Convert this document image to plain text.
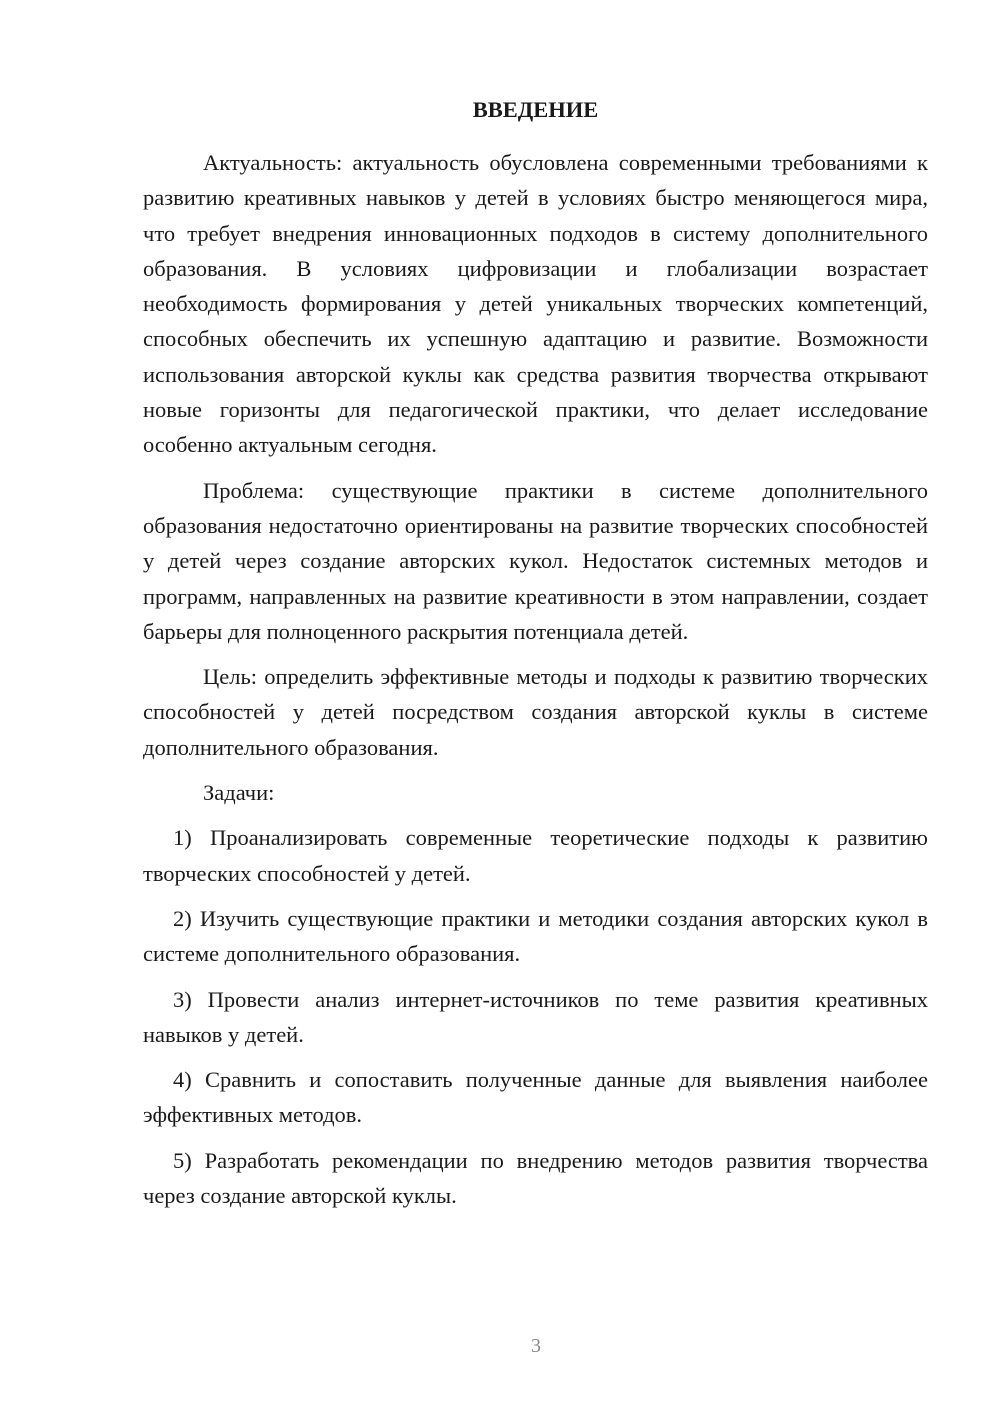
ВВЕДЕНИЕ

Актуальность: актуальность обусловлена современными требованиями к развитию креативных навыков у детей в условиях быстро меняющегося мира, что требует внедрения инновационных подходов в систему дополнительного образования. В условиях цифровизации и глобализации возрастает необходимость формирования у детей уникальных творческих компетенций, способных обеспечить их успешную адаптацию и развитие. Возможности использования авторской куклы как средства развития творчества открывают новые горизонты для педагогической практики, что делает исследование особенно актуальным сегодня.

Проблема: существующие практики в системе дополнительного образования недостаточно ориентированы на развитие творческих способностей у детей через создание авторских кукол. Недостаток системных методов и программ, направленных на развитие креативности в этом направлении, создает барьеры для полноценного раскрытия потенциала детей.

Цель: определить эффективные методы и подходы к развитию творческих способностей у детей посредством создания авторской куклы в системе дополнительного образования.

Задачи:

1) Проанализировать современные теоретические подходы к развитию творческих способностей у детей.

2) Изучить существующие практики и методики создания авторских кукол в системе дополнительного образования.

3) Провести анализ интернет-источников по теме развития креативных навыков у детей.

4) Сравнить и сопоставить полученные данные для выявления наиболее эффективных методов.

5) Разработать рекомендации по внедрению методов развития творчества через создание авторской куклы.

3
